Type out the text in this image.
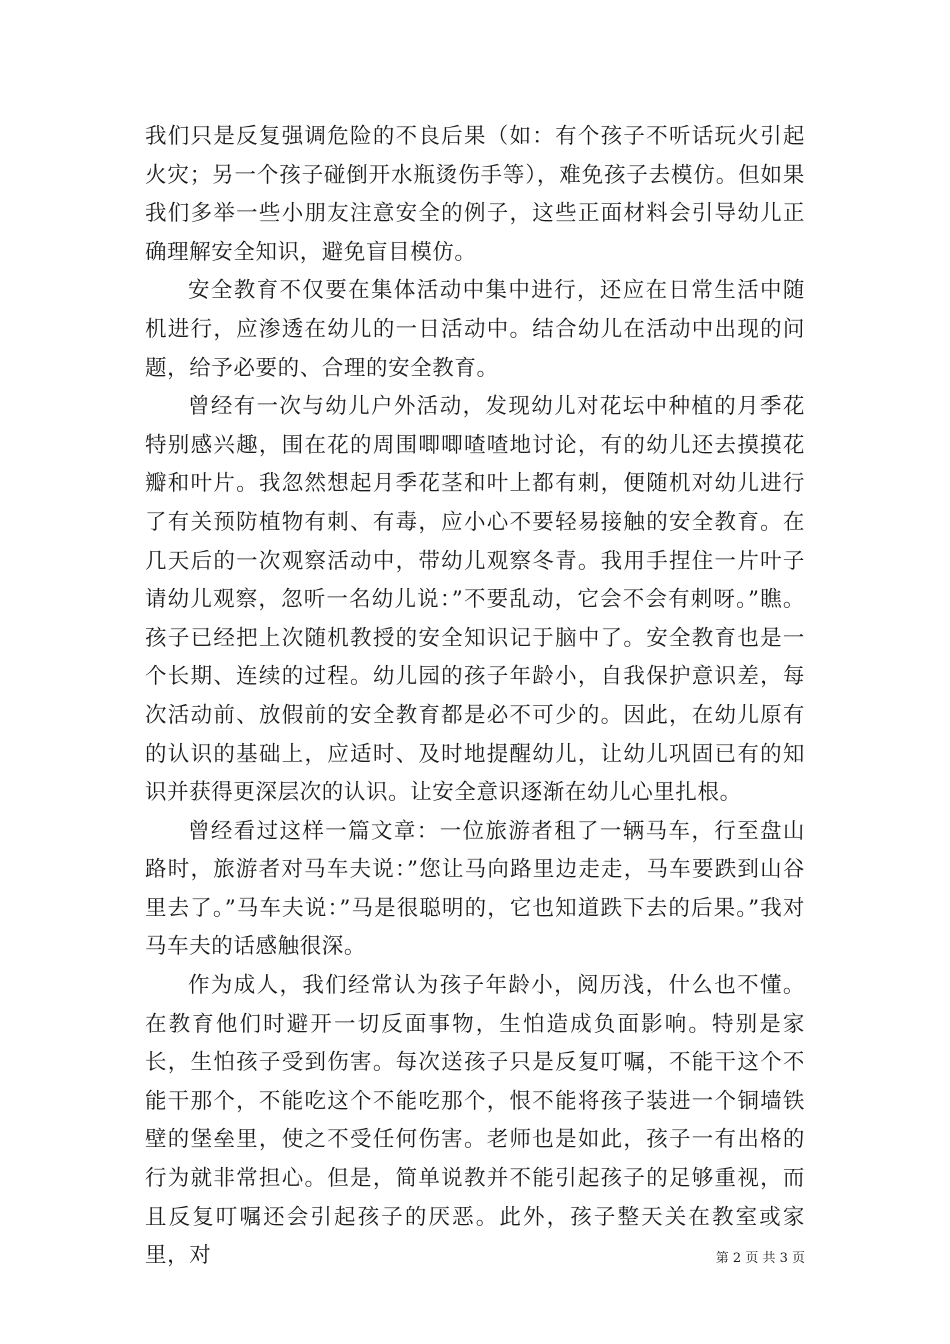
我们只是反复强调危险的不良后果（如：有个孩子不听话玩火引起火灾；另一个孩子碰倒开水瓶烫伤手等），难免孩子去模仿。但如果我们多举一些小朋友注意安全的例子，这些正面材料会引导幼儿正确理解安全知识，避免盲目模仿。

安全教育不仅要在集体活动中集中进行，还应在日常生活中随机进行，应渗透在幼儿的一日活动中。结合幼儿在活动中出现的问题，给予必要的、合理的安全教育。

曾经有一次与幼儿户外活动，发现幼儿对花坛中种植的月季花特别感兴趣，围在花的周围唧唧喳喳地讨论，有的幼儿还去摸摸花瓣和叶片。我忽然想起月季花茎和叶上都有刺，便随机对幼儿进行了有关预防植物有刺、有毒，应小心不要轻易接触的安全教育。在几天后的一次观察活动中，带幼儿观察冬青。我用手捏住一片叶子请幼儿观察，忽听一名幼儿说：”不要乱动，它会不会有刺呀。”瞧。孩子已经把上次随机教授的安全知识记于脑中了。安全教育也是一个长期、连续的过程。幼儿园的孩子年龄小，自我保护意识差，每次活动前、放假前的安全教育都是必不可少的。因此，在幼儿原有的认识的基础上，应适时、及时地提醒幼儿，让幼儿巩固已有的知识并获得更深层次的认识。让安全意识逐渐在幼儿心里扎根。

曾经看过这样一篇文章：一位旅游者租了一辆马车，行至盘山路时，旅游者对马车夫说：”您让马向路里边走走，马车要跌到山谷里去了。”马车夫说：”马是很聪明的，它也知道跌下去的后果。”我对马车夫的话感触很深。

作为成人，我们经常认为孩子年龄小，阅历浅，什么也不懂。在教育他们时避开一切反面事物，生怕造成负面影响。特别是家长，生怕孩子受到伤害。每次送孩子只是反复叮嘱，不能干这个不能干那个，不能吃这个不能吃那个，恨不能将孩子装进一个铜墙铁壁的堡垒里，使之不受任何伤害。老师也是如此，孩子一有出格的行为就非常担心。但是，简单说教并不能引起孩子的足够重视，而且反复叮嘱还会引起孩子的厌恶。此外，孩子整天关在教室或家里，对	第 2 页 共 3 页
